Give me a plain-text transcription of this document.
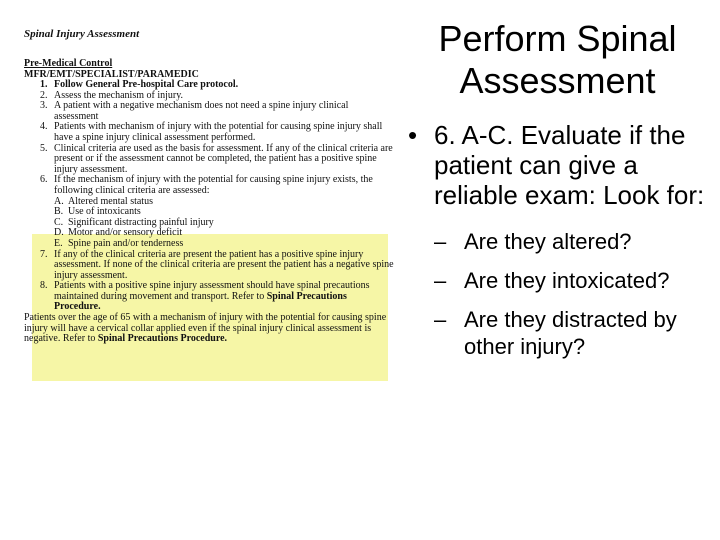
Spinal Injury Assessment
Pre-Medical Control
MFR/EMT/SPECIALIST/PARAMEDIC
1. Follow General Pre-hospital Care protocol.
2. Assess the mechanism of injury.
3. A patient with a negative mechanism does not need a spine injury clinical assessment
4. Patients with mechanism of injury with the potential for causing spine injury shall have a spine injury clinical assessment performed.
5. Clinical criteria are used as the basis for assessment. If any of the clinical criteria are present or if the assessment cannot be completed, the patient has a positive spine injury assessment.
6. If the mechanism of injury with the potential for causing spine injury exists, the following clinical criteria are assessed:
A. Altered mental status
B. Use of intoxicants
C. Significant distracting painful injury
D. Motor and/or sensory deficit
E. Spine pain and/or tenderness
7. If any of the clinical criteria are present the patient has a positive spine injury assessment. If none of the clinical criteria are present the patient has a negative spine injury assessment.
8. Patients with a positive spine injury assessment should have spinal precautions maintained during movement and transport. Refer to Spinal Precautions Procedure.
Patients over the age of 65 with a mechanism of injury with the potential for causing spine injury will have a cervical collar applied even if the spinal injury clinical assessment is negative. Refer to Spinal Precautions Procedure.
Perform Spinal Assessment
• 6. A-C. Evaluate if the patient can give a reliable exam: Look for:
– Are they altered?
– Are they intoxicated?
– Are they distracted by other injury?
